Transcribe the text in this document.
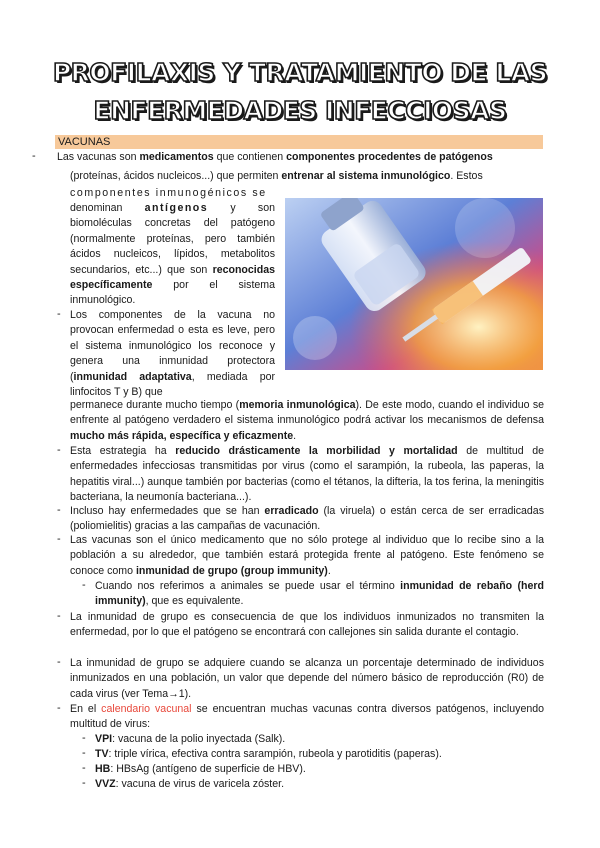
PROFILAXIS Y TRATAMIENTO DE LAS
ENFERMEDADES INFECCIOSAS
VACUNAS
- Las vacunas son medicamentos que contienen componentes procedentes de patógenos
(proteínas, ácidos nucleicos...) que permiten entrenar al sistema inmunológico. Estos
componentes inmunogénicos se
denominan antígenos y son biomoléculas concretas del patógeno (normalmente proteínas, pero también ácidos nucleicos, lípidos, metabolitos secundarios, etc...) que son reconocidas específicamente por el sistema inmunológico.
- Los componentes de la vacuna no provocan enfermedad o esta es leve, pero el sistema inmunológico los reconoce y genera una inmunidad protectora (inmunidad adaptativa, mediada por linfocitos T y B) que
permanece durante mucho tiempo (memoria inmunológica). De este modo, cuando el individuo se enfrente al patógeno verdadero el sistema inmunológico podrá activar los mecanismos de defensa mucho más rápida, específica y eficazmente.
- Esta estrategia ha reducido drásticamente la morbilidad y mortalidad de multitud de enfermedades infecciosas transmitidas por virus (como el sarampión, la rubeola, las paperas, la hepatitis viral...) aunque también por bacterias (como el tétanos, la difteria, la tos ferina, la meningitis bacteriana, la neumonía bacteriana...).
- Incluso hay enfermedades que se han erradicado (la viruela) o están cerca de ser erradicadas (poliomielitis) gracias a las campañas de vacunación.
- Las vacunas son el único medicamento que no sólo protege al individuo que lo recibe sino a la población a su alrededor, que también estará protegida frente al patógeno. Este fenómeno se conoce como inmunidad de grupo (group immunity).
- Cuando nos referimos a animales se puede usar el término inmunidad de rebaño (herd immunity), que es equivalente.
- La inmunidad de grupo es consecuencia de que los individuos inmunizados no transmiten la enfermedad, por lo que el patógeno se encontrará con callejones sin salida durante el contagio.
- La inmunidad de grupo se adquiere cuando se alcanza un porcentaje determinado de individuos inmunizados en una población, un valor que depende del número básico de reproducción (R0) de cada virus (ver Tema→1).
- En el calendario vacunal se encuentran muchas vacunas contra diversos patógenos, incluyendo multitud de virus:
- VPI: vacuna de la polio inyectada (Salk).
- TV: triple vírica, efectiva contra sarampión, rubeola y parotiditis (paperas).
- HB: HBsAg (antígeno de superficie de HBV).
- VVZ: vacuna de virus de varicela zóster.
